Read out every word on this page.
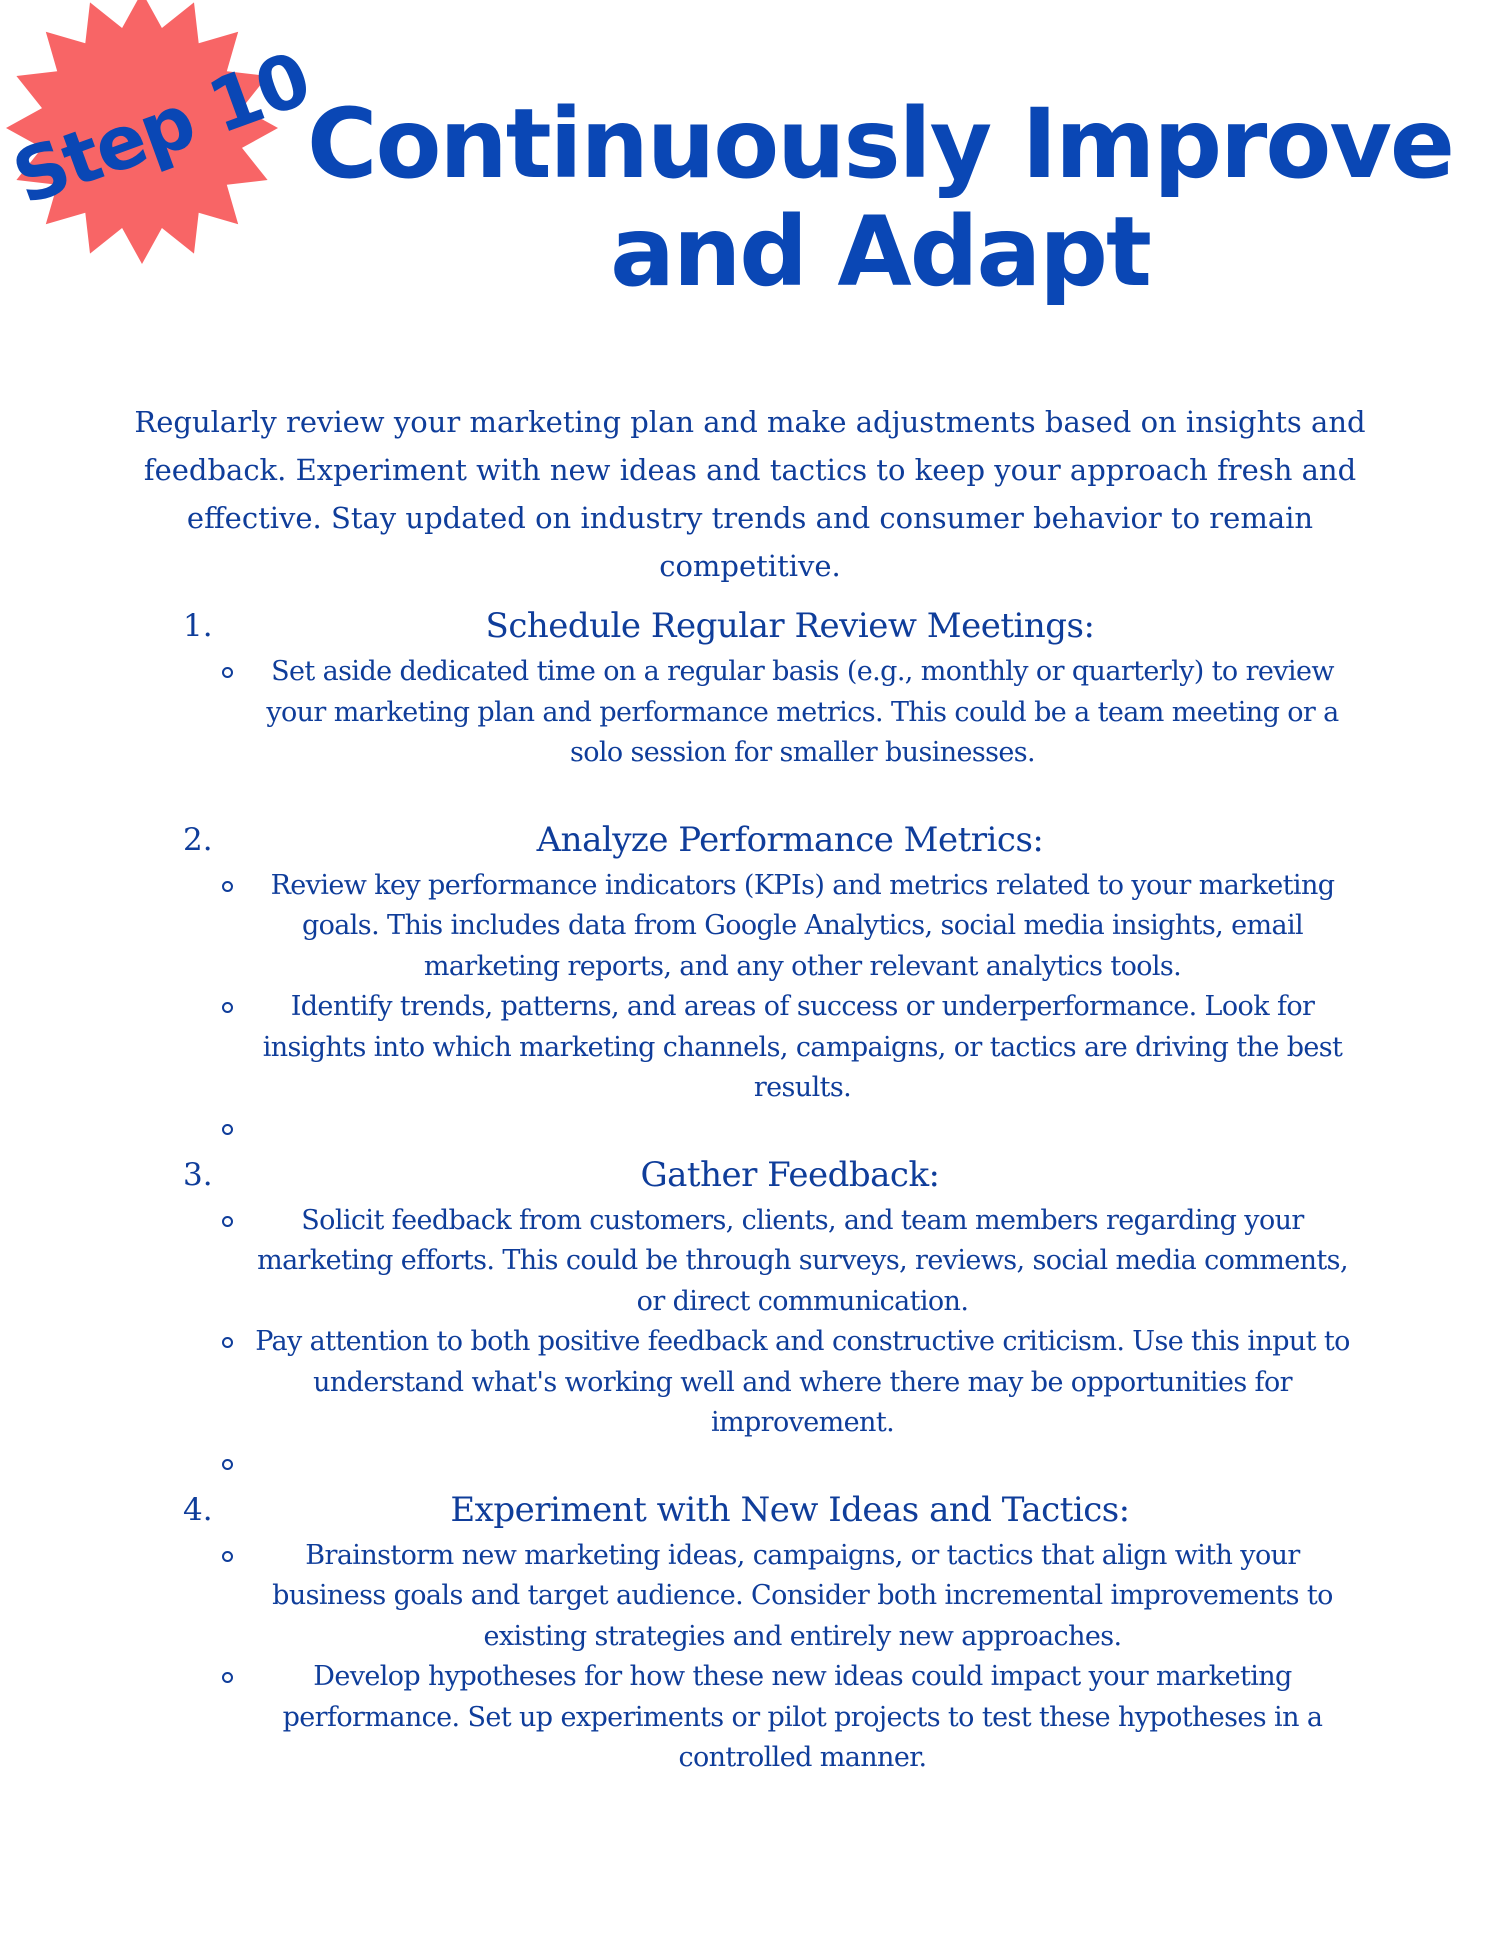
Step 10
Continuously Improve
and Adapt

Regularly review your marketing plan and make adjustments based on insights and feedback. Experiment with new ideas and tactics to keep your approach fresh and effective. Stay updated on industry trends and consumer behavior to remain competitive.

1.	Schedule Regular Review Meetings:
Set aside dedicated time on a regular basis (e.g., monthly or quarterly) to review your marketing plan and performance metrics. This could be a team meeting or a solo session for smaller businesses.
2.	Analyze Performance Metrics:
Review key performance indicators (KPIs) and metrics related to your marketing goals. This includes data from Google Analytics, social media insights, email marketing reports, and any other relevant analytics tools.
Identify trends, patterns, and areas of success or underperformance. Look for insights into which marketing channels, campaigns, or tactics are driving the best results.
3.	Gather Feedback:
Solicit feedback from customers, clients, and team members regarding your marketing efforts. This could be through surveys, reviews, social media comments, or direct communication.
Pay attention to both positive feedback and constructive criticism. Use this input to understand what's working well and where there may be opportunities for improvement.
4.	Experiment with New Ideas and Tactics:
Brainstorm new marketing ideas, campaigns, or tactics that align with your business goals and target audience. Consider both incremental improvements to existing strategies and entirely new approaches.
Develop hypotheses for how these new ideas could impact your marketing performance. Set up experiments or pilot projects to test these hypotheses in a controlled manner.
